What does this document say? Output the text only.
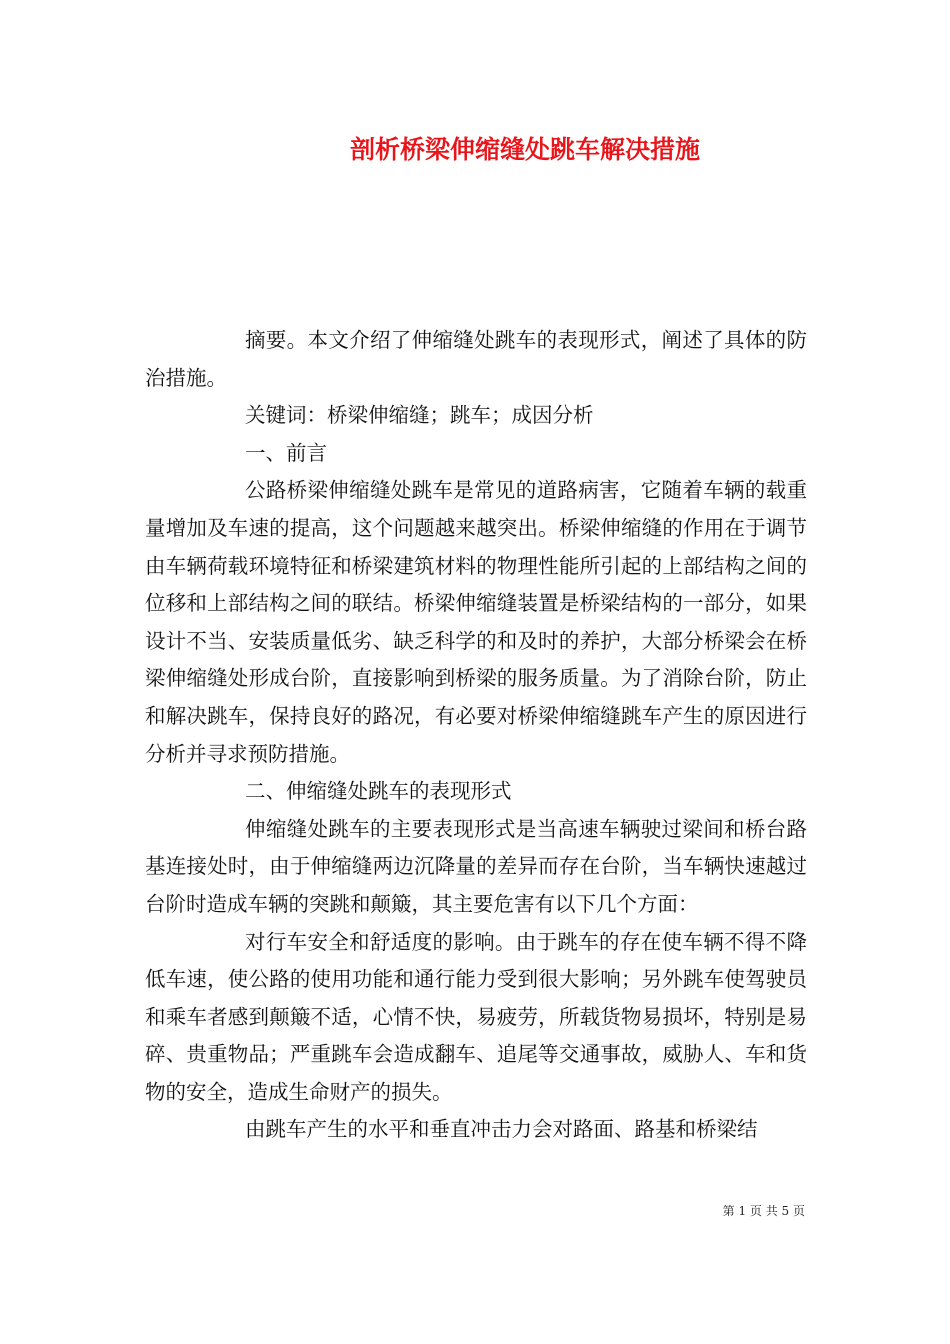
剖析桥梁伸缩缝处跳车解决措施

摘要。本文介绍了伸缩缝处跳车的表现形式，阐述了具体的防治措施。

关键词：桥梁伸缩缝；跳车；成因分析

一、前言

公路桥梁伸缩缝处跳车是常见的道路病害，它随着车辆的载重量增加及车速的提高，这个问题越来越突出。桥梁伸缩缝的作用在于调节由车辆荷载环境特征和桥梁建筑材料的物理性能所引起的上部结构之间的位移和上部结构之间的联结。桥梁伸缩缝装置是桥梁结构的一部分，如果设计不当、安装质量低劣、缺乏科学的和及时的养护，大部分桥梁会在桥梁伸缩缝处形成台阶，直接影响到桥梁的服务质量。为了消除台阶，防止和解决跳车，保持良好的路况，有必要对桥梁伸缩缝跳车产生的原因进行分析并寻求预防措施。

二、伸缩缝处跳车的表现形式

伸缩缝处跳车的主要表现形式是当高速车辆驶过梁间和桥台路基连接处时，由于伸缩缝两边沉降量的差异而存在台阶，当车辆快速越过台阶时造成车辆的突跳和颠簸，其主要危害有以下几个方面：

对行车安全和舒适度的影响。由于跳车的存在使车辆不得不降低车速，使公路的使用功能和通行能力受到很大影响；另外跳车使驾驶员和乘车者感到颠簸不适，心情不快，易疲劳，所载货物易损坏，特别是易碎、贵重物品；严重跳车会造成翻车、追尾等交通事故，威胁人、车和货物的安全，造成生命财产的损失。

由跳车产生的水平和垂直冲击力会对路面、路基和桥梁结

第 1 页 共 5 页
